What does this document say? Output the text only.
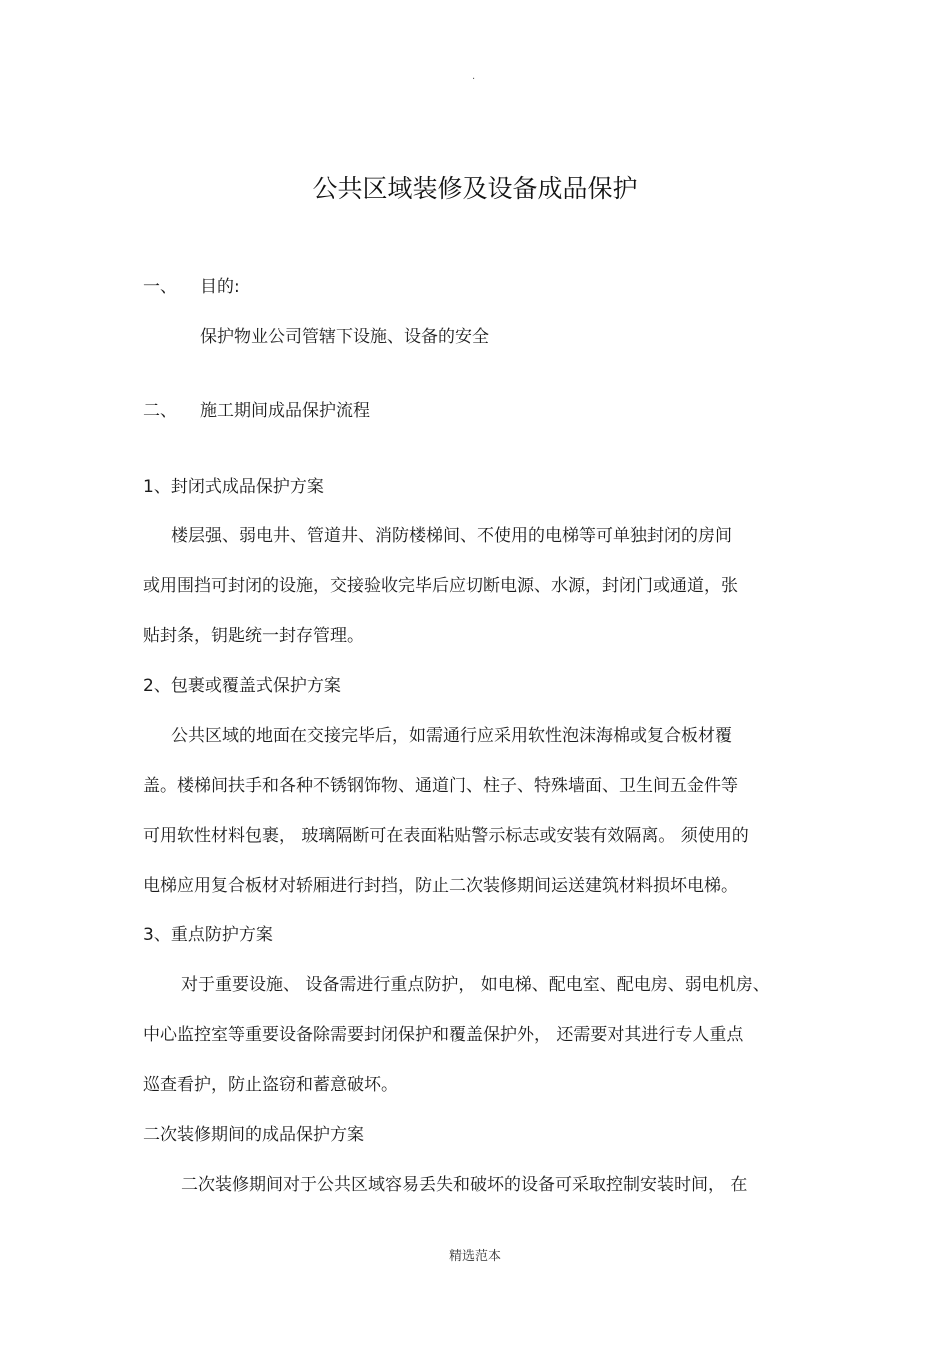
.
公共区域装修及设备成品保护
一、 目的:
保护物业公司管辖下设施、设备的安全
二、 施工期间成品保护流程
1、封闭式成品保护方案
楼层强、弱电井、管道井、消防楼梯间、不使用的电梯等可单独封闭的房间
或用围挡可封闭的设施，交接验收完毕后应切断电源、水源，封闭门或通道，张
贴封条，钥匙统一封存管理。
2、包裹或覆盖式保护方案
公共区域的地面在交接完毕后，如需通行应采用软性泡沫海棉或复合板材覆
盖。楼梯间扶手和各种不锈钢饰物、通道门、柱子、特殊墙面、卫生间五金件等
可用软性材料包裹， 玻璃隔断可在表面粘贴警示标志或安装有效隔离。 须使用的
电梯应用复合板材对轿厢进行封挡，防止二次装修期间运送建筑材料损坏电梯。
3、重点防护方案
对于重要设施、 设备需进行重点防护， 如电梯、配电室、配电房、弱电机房、
中心监控室等重要设备除需要封闭保护和覆盖保护外， 还需要对其进行专人重点
巡查看护，防止盗窃和蓄意破坏。
二次装修期间的成品保护方案
二次装修期间对于公共区域容易丢失和破坏的设备可采取控制安装时间， 在
精选范本
